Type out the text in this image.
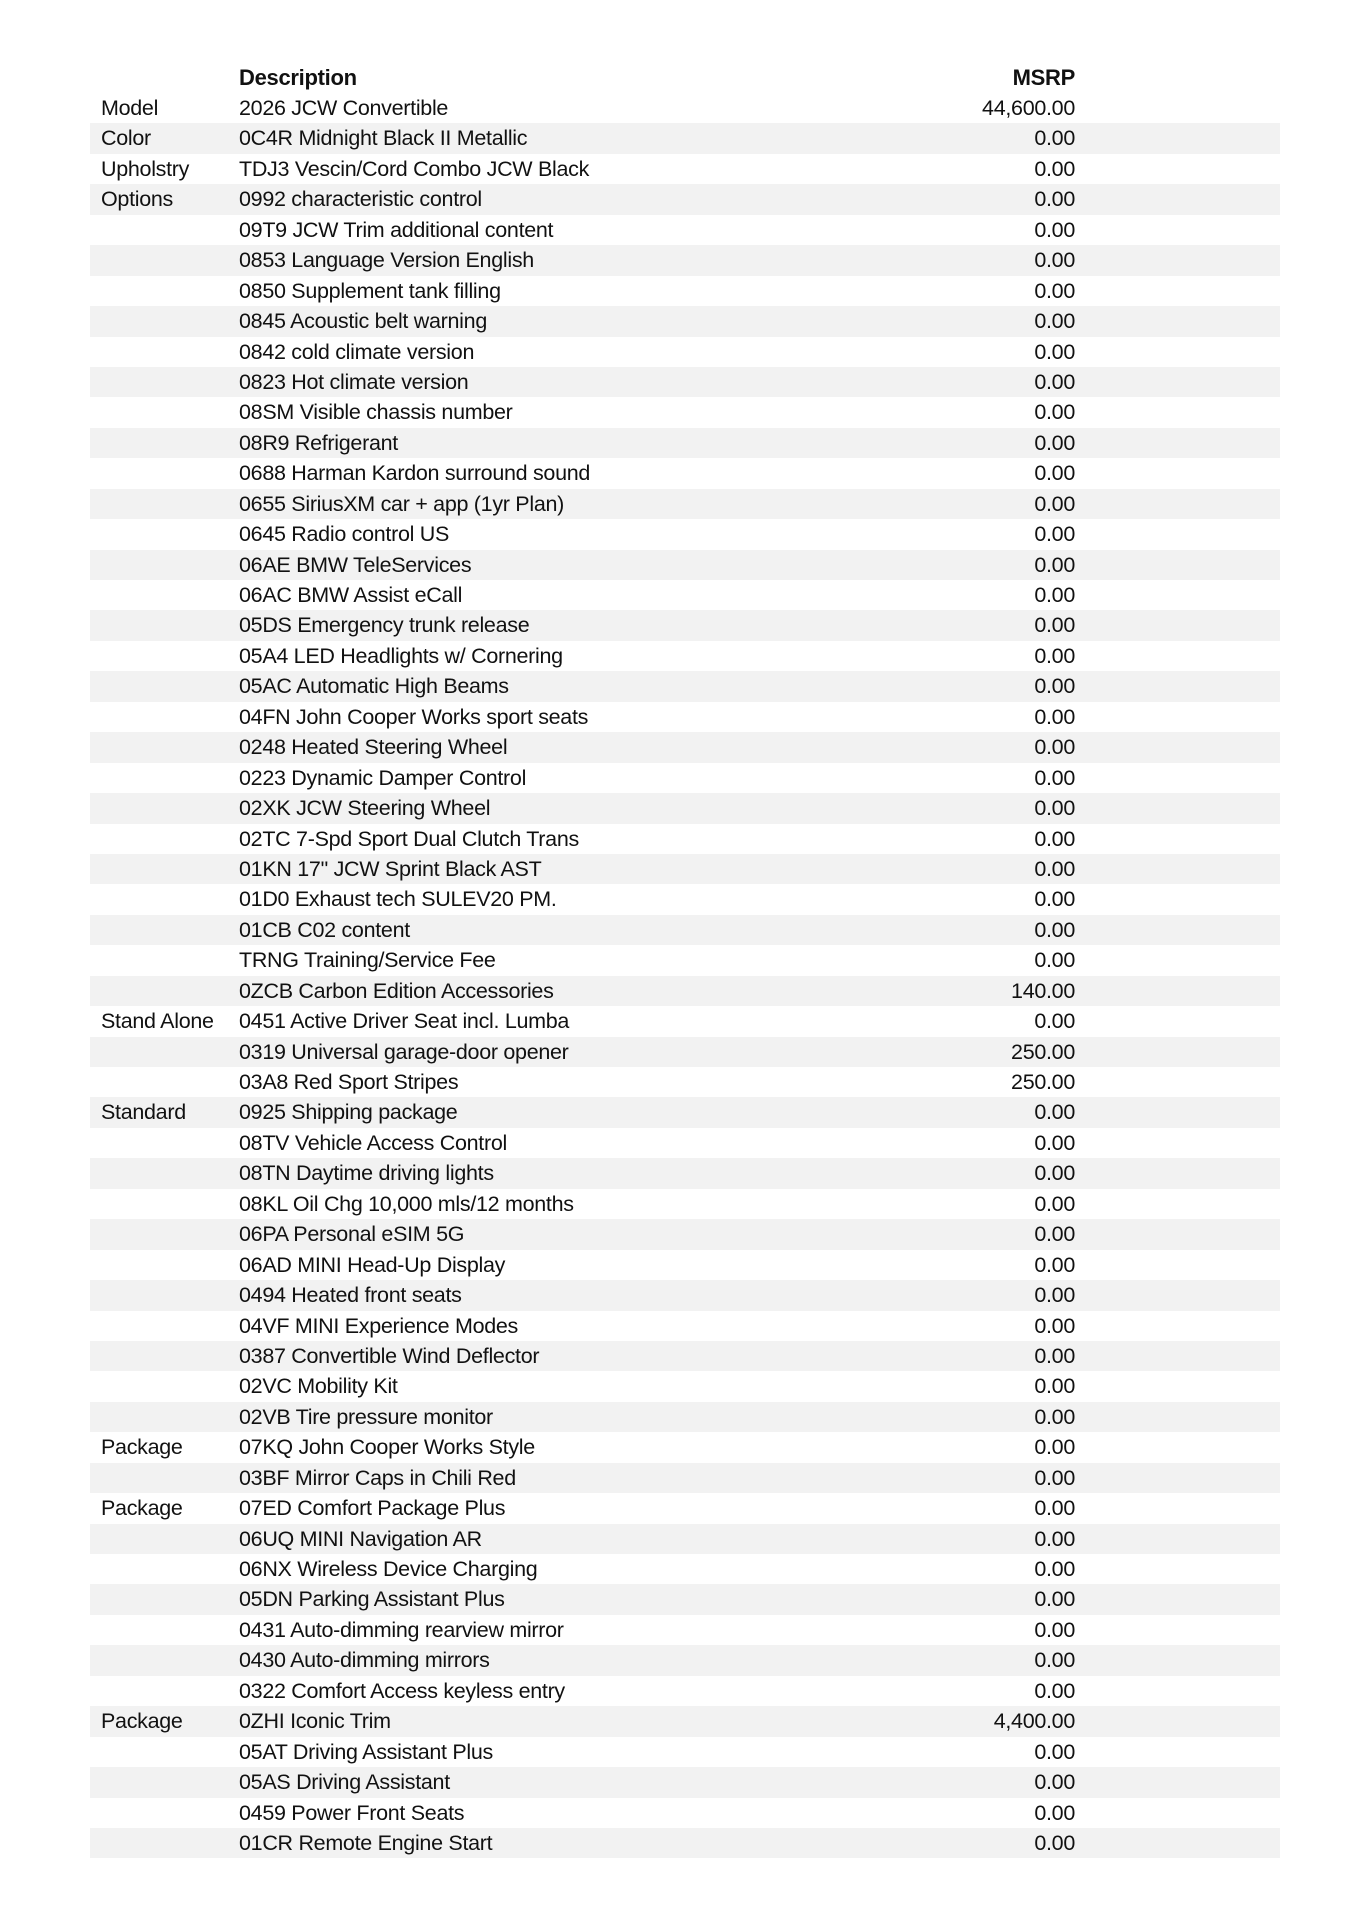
Description	MSRP
Model	2026 JCW Convertible	44,600.00
Color	0C4R Midnight Black II Metallic	0.00
Upholstry TDJ3 Vescin/Cord Combo JCW Black	0.00
Options	0992 characteristic control	0.00
09T9 JCW Trim additional content	0.00
0853 Language Version English	0.00
0850 Supplement tank filling	0.00
0845 Acoustic belt warning	0.00
0842 cold climate version	0.00
0823 Hot climate version	0.00
08SM Visible chassis number	0.00
08R9 Refrigerant	0.00
0688 Harman Kardon surround sound	0.00
0655 SiriusXM car + app (1yr Plan)	0.00
0645 Radio control US	0.00
06AE BMW TeleServices	0.00
06AC BMW Assist eCall	0.00
05DS Emergency trunk release	0.00
05A4 LED Headlights w/ Cornering	0.00
05AC Automatic High Beams	0.00
04FN John Cooper Works sport seats	0.00
0248 Heated Steering Wheel	0.00
0223 Dynamic Damper Control	0.00
02XK JCW Steering Wheel	0.00
02TC 7-Spd Sport Dual Clutch Trans	0.00
01KN 17" JCW Sprint Black AST	0.00
01D0 Exhaust tech SULEV20 PM.	0.00
01CB C02 content	0.00
TRNG Training/Service Fee	0.00
0ZCB Carbon Edition Accessories	140.00
Stand Alone 0451 Active Driver Seat incl. Lumba	0.00
0319 Universal garage-door opener	250.00
03A8 Red Sport Stripes	250.00
Standard 0925 Shipping package	0.00
08TV Vehicle Access Control	0.00
08TN Daytime driving lights	0.00
08KL Oil Chg 10,000 mls/12 months	0.00
06PA Personal eSIM 5G	0.00
06AD MINI Head-Up Display	0.00
0494 Heated front seats	0.00
04VF MINI Experience Modes	0.00
0387 Convertible Wind Deflector	0.00
02VC Mobility Kit	0.00
02VB Tire pressure monitor	0.00
Package	07KQ John Cooper Works Style	0.00
03BF Mirror Caps in Chili Red	0.00
Package	07ED Comfort Package Plus	0.00
06UQ MINI Navigation AR	0.00
06NX Wireless Device Charging	0.00
05DN Parking Assistant Plus	0.00
0431 Auto-dimming rearview mirror	0.00
0430 Auto-dimming mirrors	0.00
0322 Comfort Access keyless entry	0.00
Package	0ZHI Iconic Trim	4,400.00
05AT Driving Assistant Plus	0.00
05AS Driving Assistant	0.00
0459 Power Front Seats	0.00
01CR Remote Engine Start	0.00
